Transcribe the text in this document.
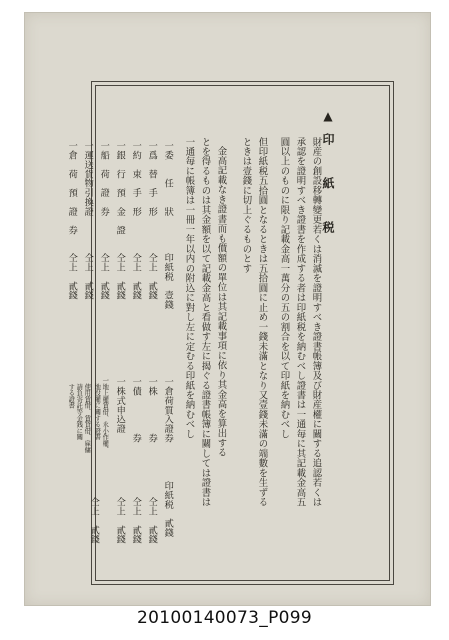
▲印　紙　税
財産の創設移轉變更若くは消滅を證明すべき證書帳簿及び財産權に關する追認若くは
承認を證明すべき證書を作成する者は印紙税を納むべし證書は一通毎に其記載金高五
圓以上のものに限り記載金高一萬分の五の割合を以て印紙を納むべし
但印紙税五拾圓となるときは五拾圓に止め一錢未滿となり又壹錢未滿の端數を生ずる
ときは壹錢に切上ぐるものとす
金高記載なき證書而も價額の單位は其記載事項に依り其金高を算出する
とを得るものは其金額を以て記載金高と看做す左に揭ぐる證書帳簿に關しては證書は
一通毎に帳簿は一冊一年以内の附込に對し左に定むる印紙を納むべし
一委　　任　　狀
一爲　替　手　形
一約　束　手　形
一銀　行　預　金　證
一船　荷　證　券
一運送貨物引換證
一倉　荷　預　證　券
印紙税　壹錢
仝上　貳錢
仝上　貳錢
仝上　貳錢
仝上　貳錢
仝上　貳錢
仝上　貳錢
一倉荷質入證券
一株　　　　券
一債　　　　券
一株式申込證
印紙税　貳錢
仝上　貳錢
仝上　貳錢
仝上　貳錢
一地上權賃借、永小作權、
　地役權に關する證書
　使用賃借、賃貸借、雇傭
　請負寄託等金銭に關
　する證書
仝上　貳錢
20100140073_P099
